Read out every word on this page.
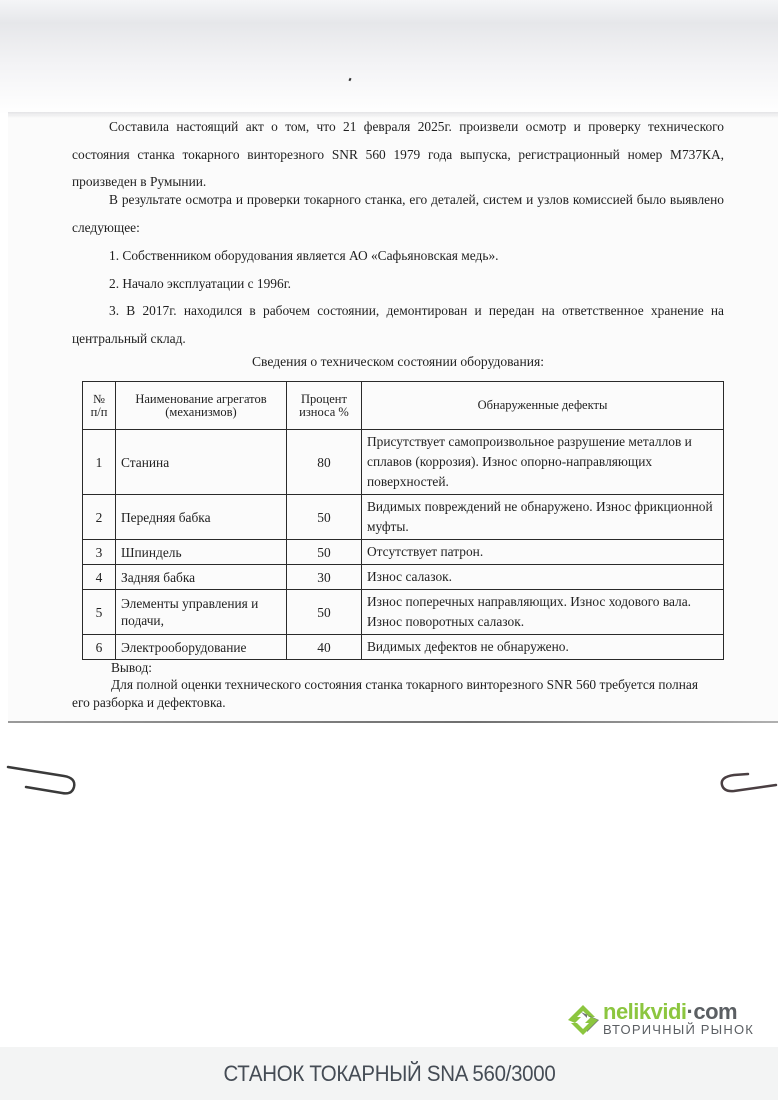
Составила настоящий акт о том, что 21 февраля 2025г. произвели осмотр и проверку технического состояния станка токарного винторезного SNR 560 1979 года выпуска, регистрационный номер М737КА, произведен в Румынии.
В результате осмотра и проверки токарного станка, его деталей, систем и узлов комиссией было выявлено следующее:
1. Собственником оборудования является АО «Сафьяновская медь».
2. Начало эксплуатации с 1996г.
3. В 2017г. находился в рабочем состоянии, демонтирован и передан на ответственное хранение на центральный склад.
Сведения о техническом состоянии оборудования:
№ п/п	Наименование агрегатов (механизмов)	Процент износа %	Обнаруженные дефекты
1	Станина	80	Присутствует самопроизвольное разрушение металлов и сплавов (коррозия). Износ опорно-направляющих поверхностей.
2	Передняя бабка	50	Видимых повреждений не обнаружено. Износ фрикционной муфты.
3	Шпиндель	50	Отсутствует патрон.
4	Задняя бабка	30	Износ салазок.
5	Элементы управления и подачи,	50	Износ поперечных направляющих. Износ ходового вала. Износ поворотных салазок.
6	Электрооборудование	40	Видимых дефектов не обнаружено.
Вывод:
Для полной оценки технического состояния станка токарного винторезного SNR 560 требуется полная его разборка и дефектовка.
nelikvidi·com
ВТОРИЧНЫЙ РЫНОК
СТАНОК ТОКАРНЫЙ SNA 560/3000
